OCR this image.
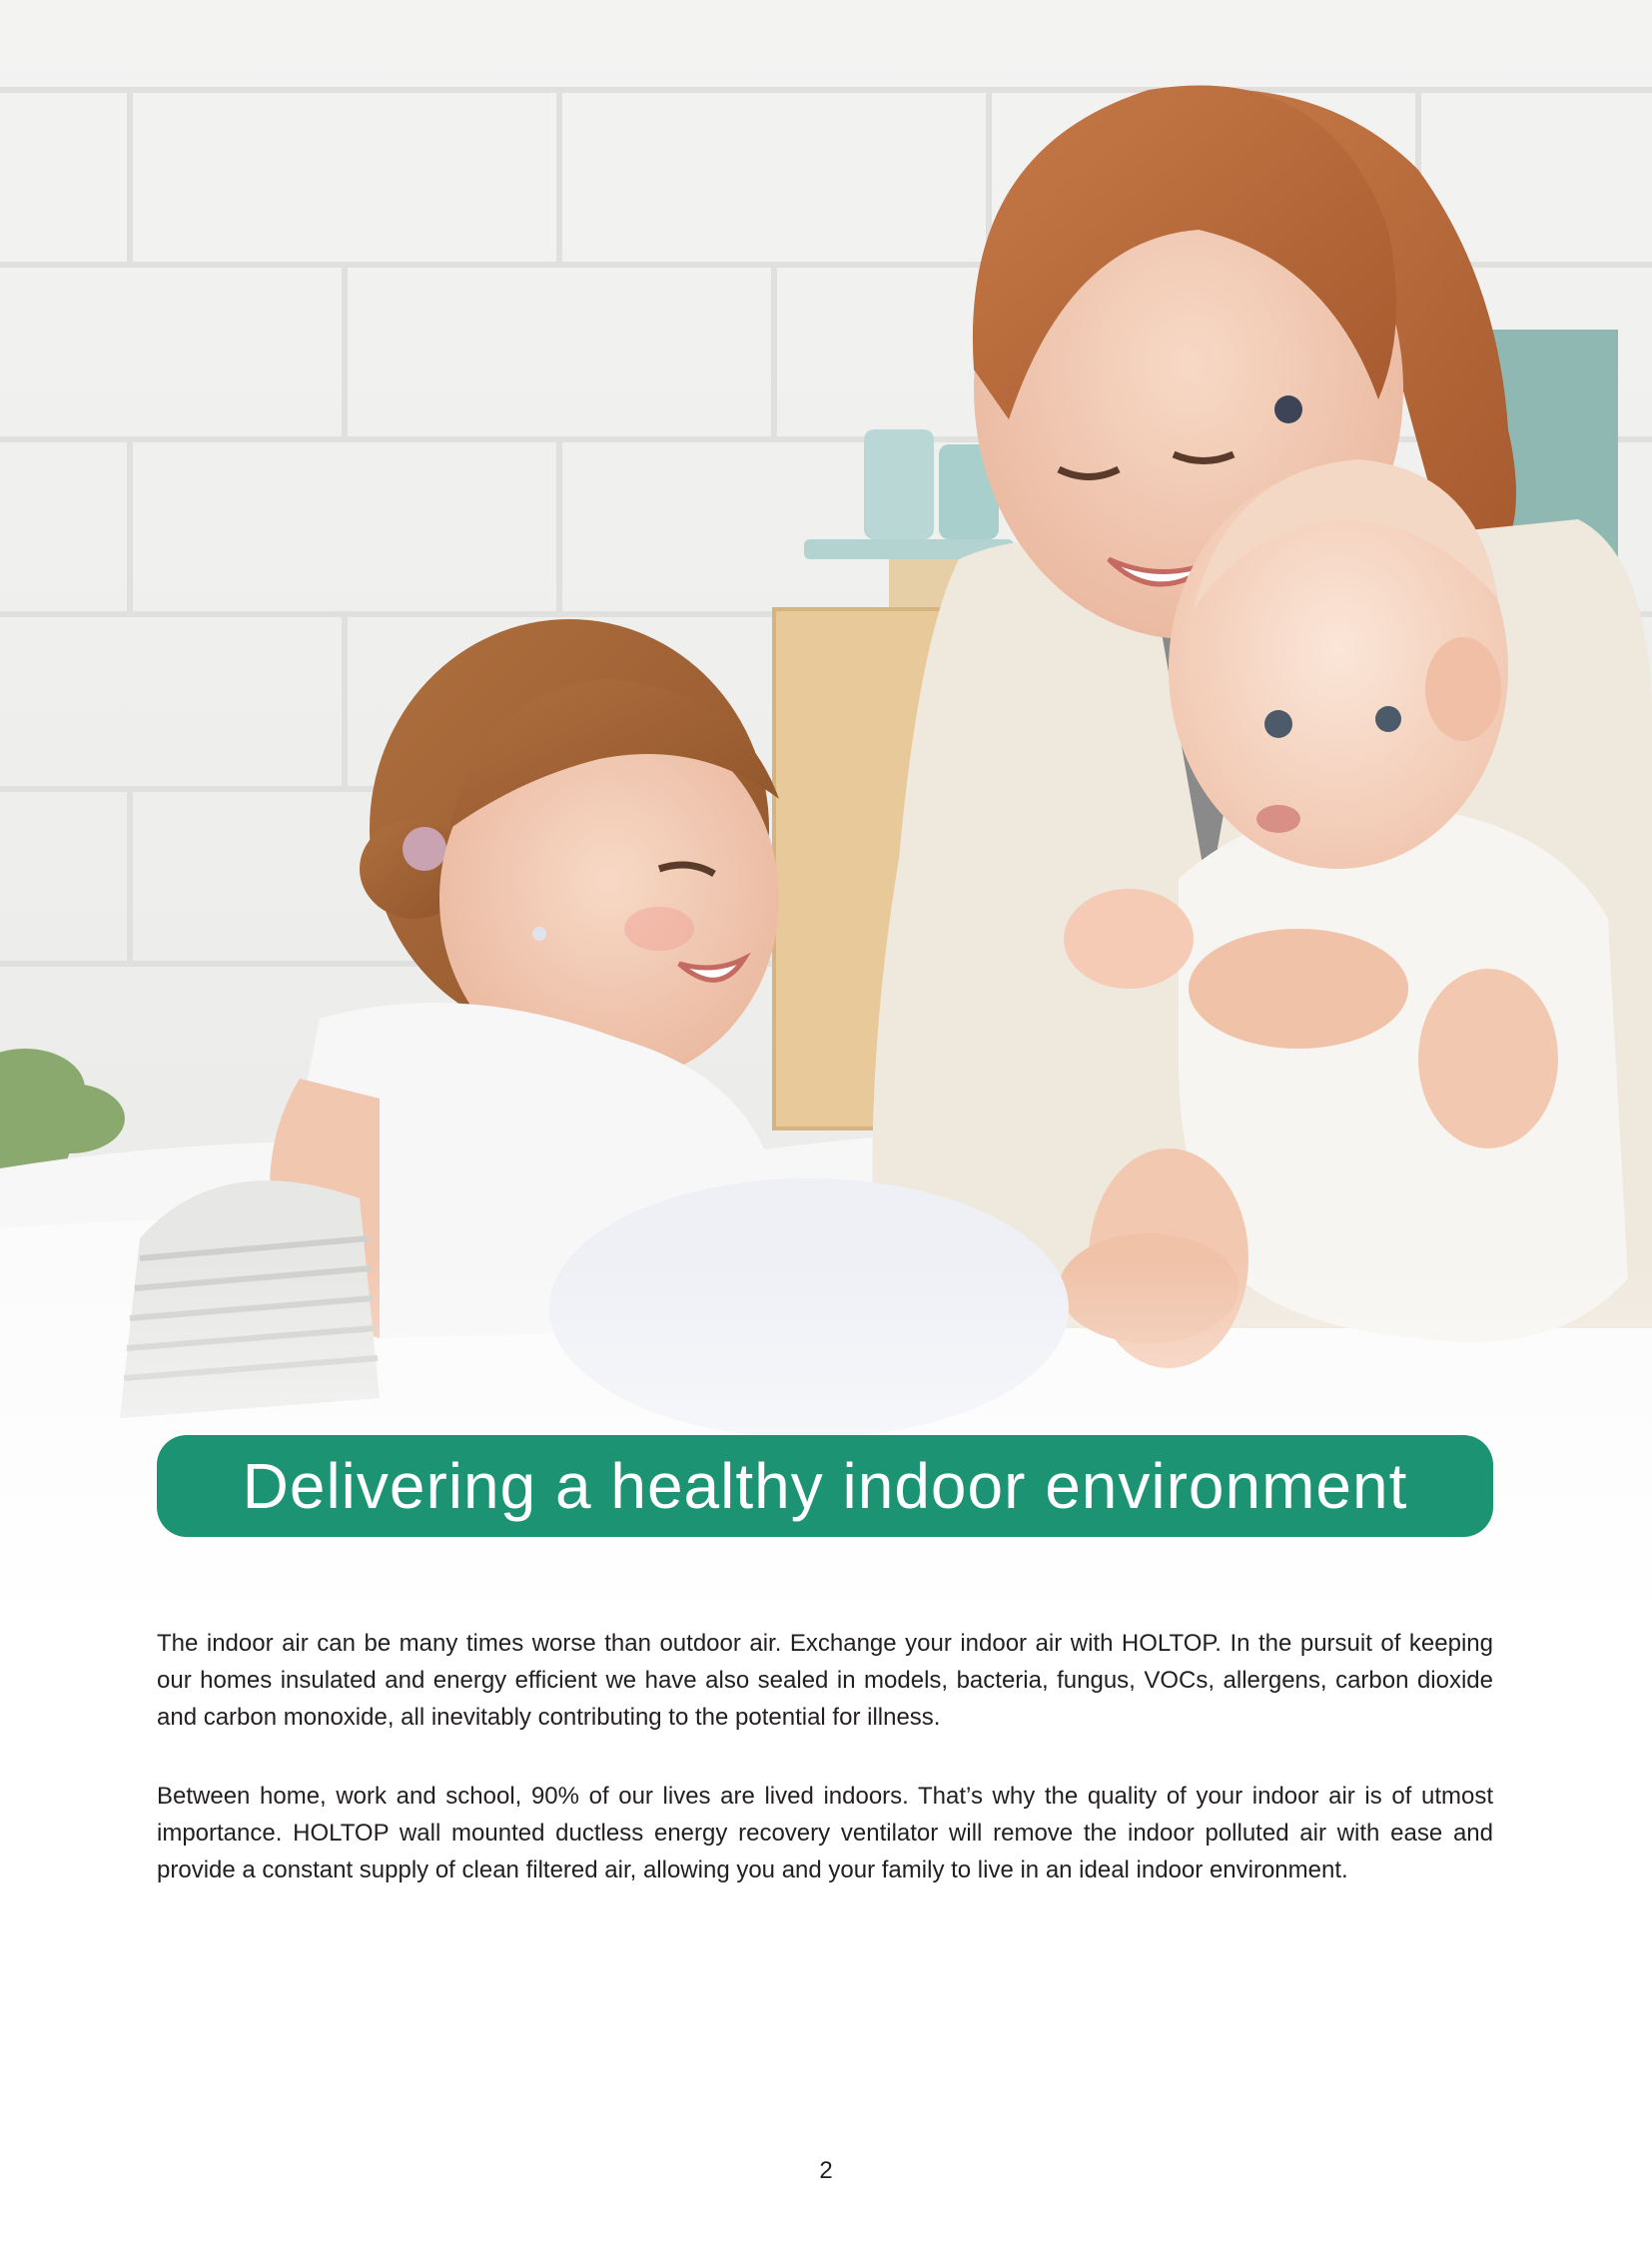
Delivering a healthy indoor environment

The indoor air can be many times worse than outdoor air. Exchange your indoor air with HOLTOP. In the pursuit of keeping our homes insulated and energy efficient we have also sealed in models, bacteria, fungus, VOCs, allergens, carbon dioxide and carbon monoxide, all inevitably contributing to the potential for illness.

Between home, work and school, 90% of our lives are lived indoors. That’s why the quality of your indoor air is of utmost importance. HOLTOP wall mounted ductless energy recovery ventilator will remove the indoor polluted air with ease and provide a constant supply of clean filtered air, allowing you and your family to live in an ideal indoor environment.

2
